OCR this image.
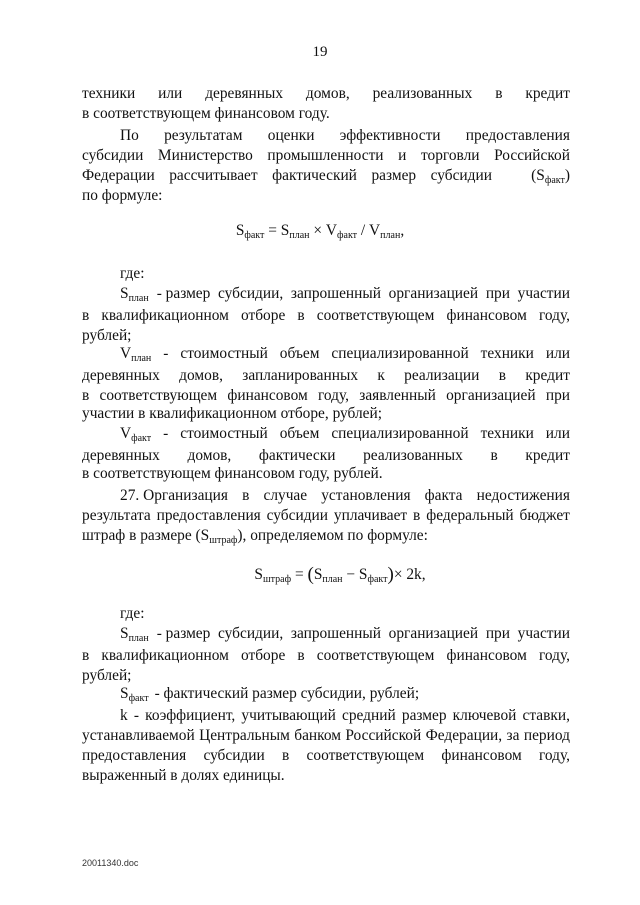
19
техники или деревянных домов, реализованных в кредит
в соответствующем финансовом году.
По результатам оценки эффективности предоставления
субсидии Министерство промышленности и торговли Российской
Федерации рассчитывает фактический размер субсидии	$(S_{факт})$
по формуле:
$S_{факт} = S_{план} \times V_{факт} / V_{план}$,
где:
$S_{план}$ - размер субсидии, запрошенный организацией при участии
в квалификационном отборе в соответствующем финансовом году,
рублей;
$V_{план}$ - стоимостный объем специализированной техники или
деревянных домов, запланированных к реализации в кредит
в соответствующем финансовом году, заявленный организацией при
участии в квалификационном отборе, рублей;
$V_{факт}$ - стоимостный объем специализированной техники или
деревянных домов, фактически реализованных в кредит
в соответствующем финансовом году, рублей.
27. Организация в случае установления факта недостижения
результата предоставления субсидии уплачивает в федеральный бюджет
штраф в размере $(S_{штраф})$, определяемом по формуле:
$S_{штраф} = (S_{план} - S_{факт})\times 2k$,
где:
$S_{план}$ - размер субсидии, запрошенный организацией при участии
в квалификационном отборе в соответствующем финансовом году,
рублей;
$S_{факт}$ - фактический размер субсидии, рублей;
k - коэффициент, учитывающий средний размер ключевой ставки,
устанавливаемой Центральным банком Российской Федерации, за период
предоставления субсидии в соответствующем финансовом году,
выраженный в долях единицы.
20011340.doc
